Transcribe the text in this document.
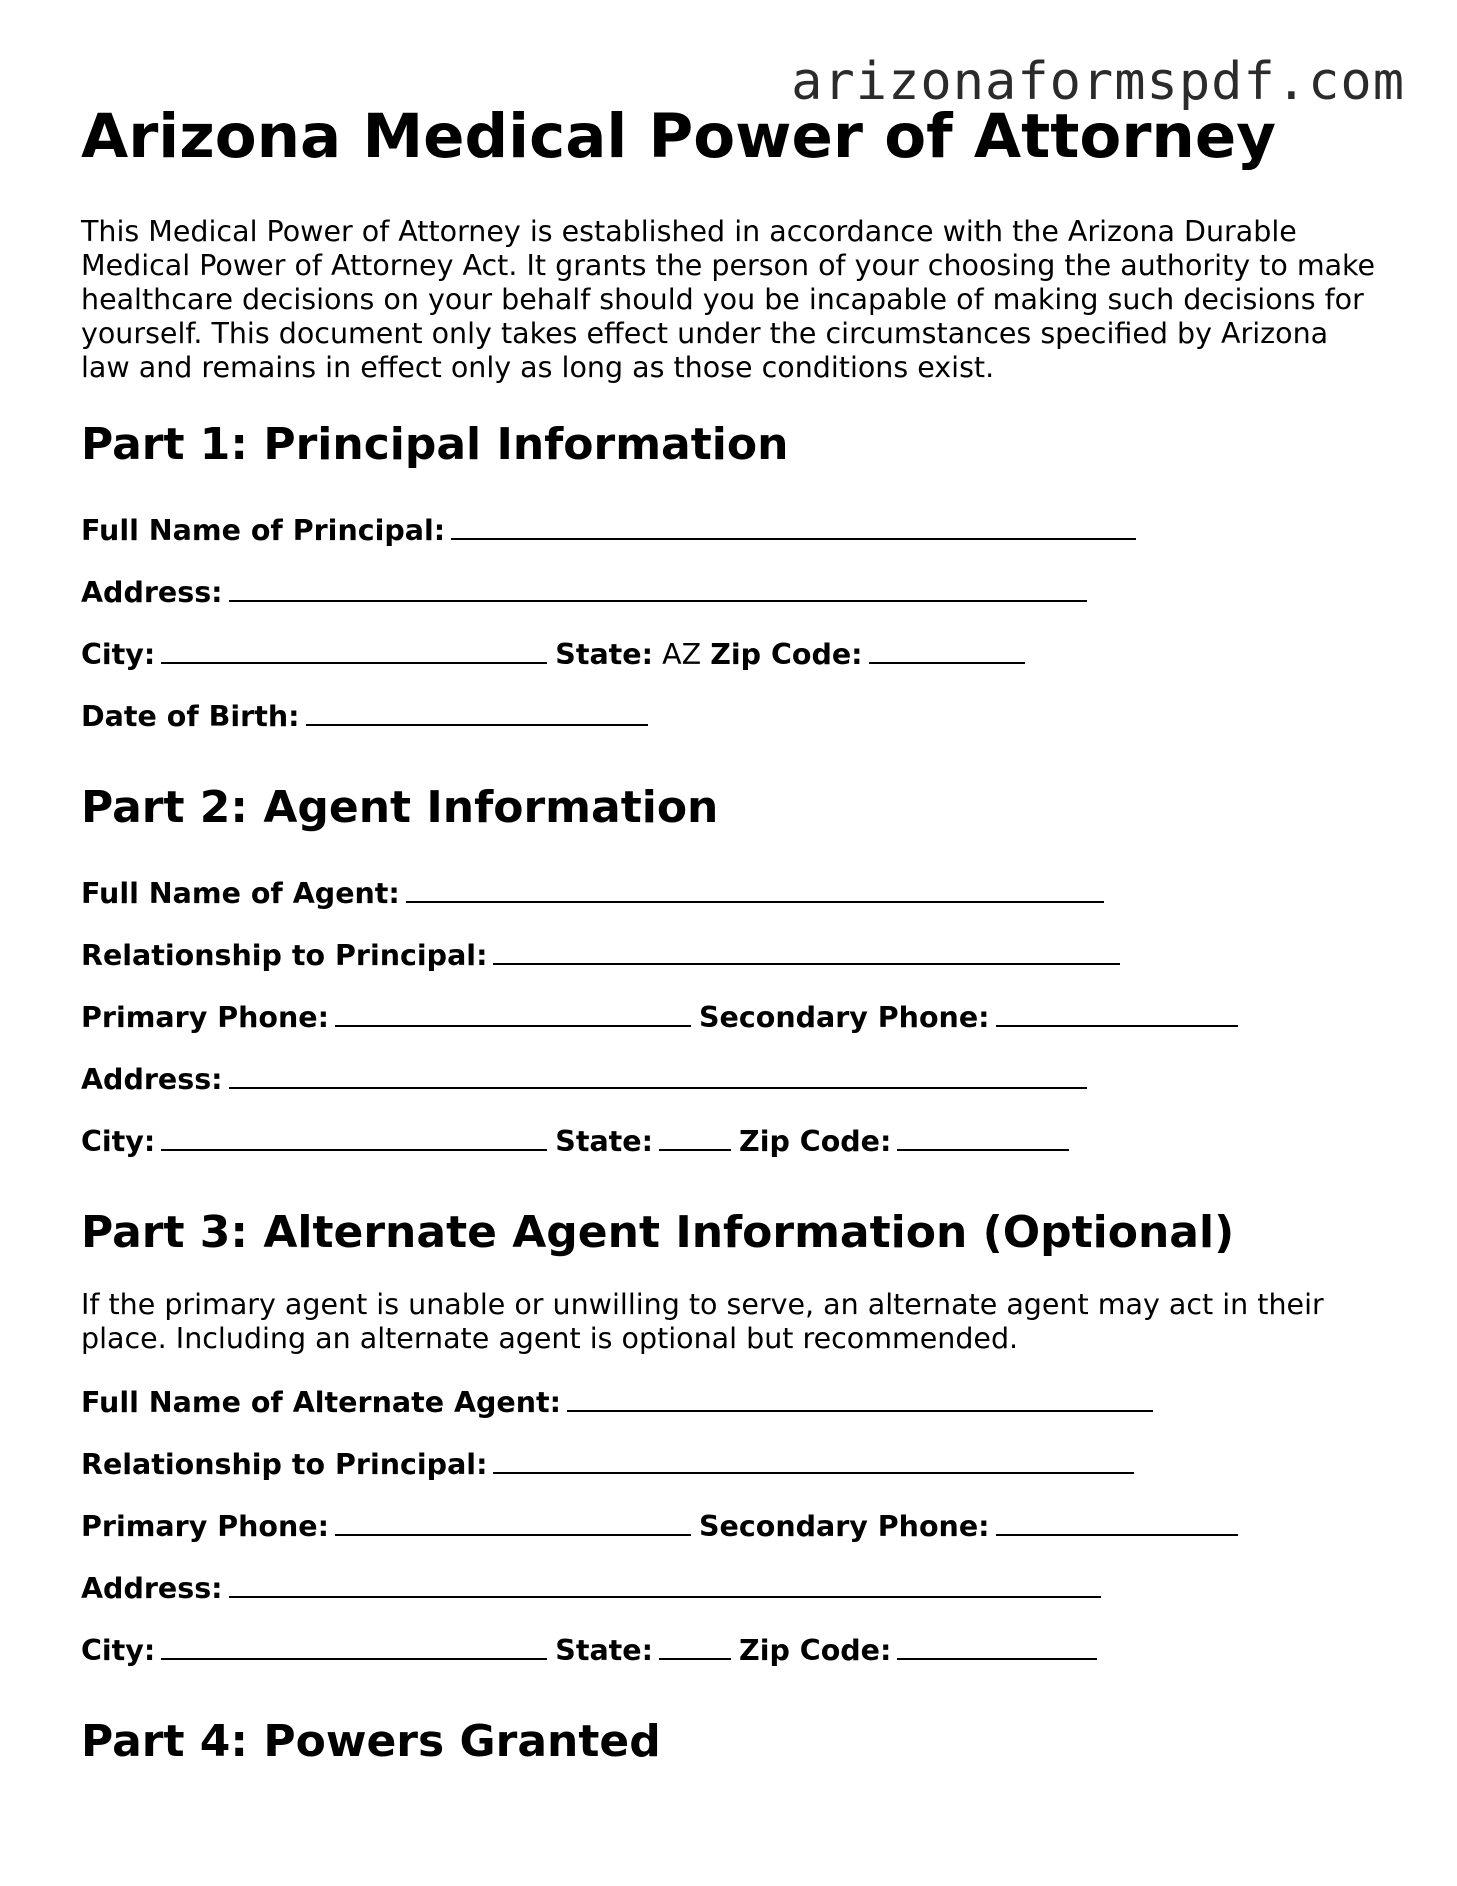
arizonaformspdf.com
Arizona Medical Power of Attorney

This Medical Power of Attorney is established in accordance with the Arizona Durable Medical Power of Attorney Act. It grants the person of your choosing the authority to make healthcare decisions on your behalf should you be incapable of making such decisions for yourself. This document only takes effect under the circumstances specified by Arizona law and remains in effect only as long as those conditions exist.

Part 1: Principal Information
Full Name of Principal:
Address:
City:	State: AZ Zip Code:
Date of Birth:
Part 2: Agent Information
Full Name of Agent:
Relationship to Principal:
Primary Phone:	Secondary Phone:
Address:
City:	State:	Zip Code:
Part 3: Alternate Agent Information (Optional)

If the primary agent is unable or unwilling to serve, an alternate agent may act in their place. Including an alternate agent is optional but recommended.

Full Name of Alternate Agent:
Relationship to Principal:
Primary Phone:	Secondary Phone:
Address:
City:	State:	Zip Code:
Part 4: Powers Granted
